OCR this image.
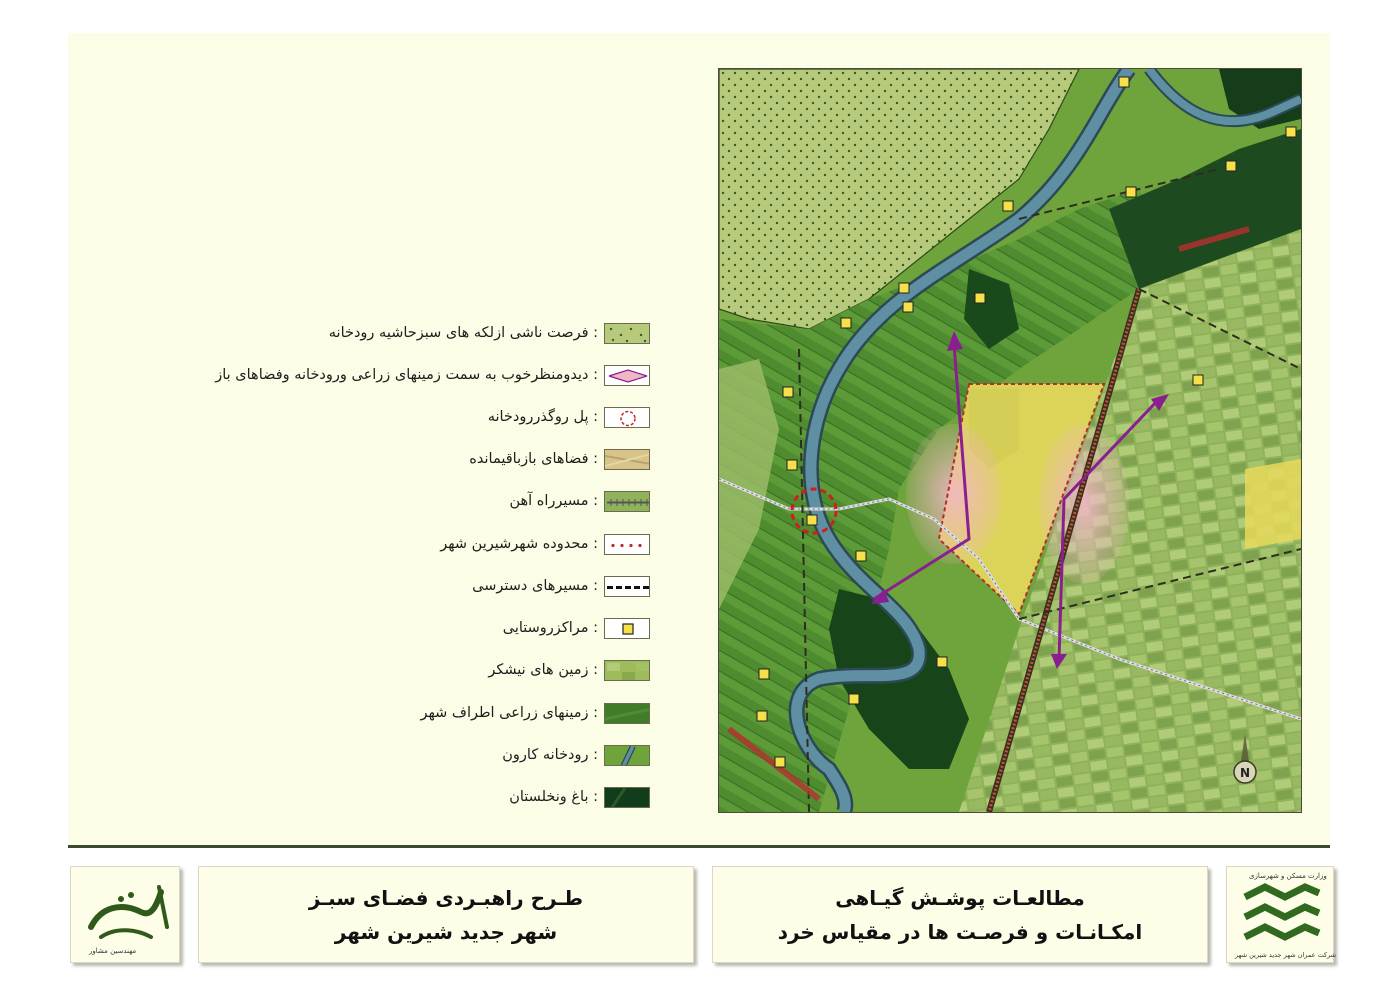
N
: فرصت ناشی ازلکه های سبزحاشیه رودخانه
: دیدومنظرخوب به سمت زمینهای زراعی ورودخانه وفضاهای باز
: پل روگذررودخانه
: فضاهای بازباقیمانده
: مسیرراه آهن
: محدوده شهرشیرین شهر
: مسیرهای دسترسی
: مراکزروستایی
: زمین های نیشکر
: زمینهای زراعی اطراف شهر
: رودخانه کارون
: باغ ونخلستان
مهندسین مشاور
طـرح راهبـردی فضـای سبـز
شهر جدید شیرین شهر
مطالعـات پوشـش گیـاهی
امکـانـات و فرصـت ها در مقیاس خرد
وزارت مسکن و شهرسازی
شرکت عمران شهر جدید شیرین شهر
